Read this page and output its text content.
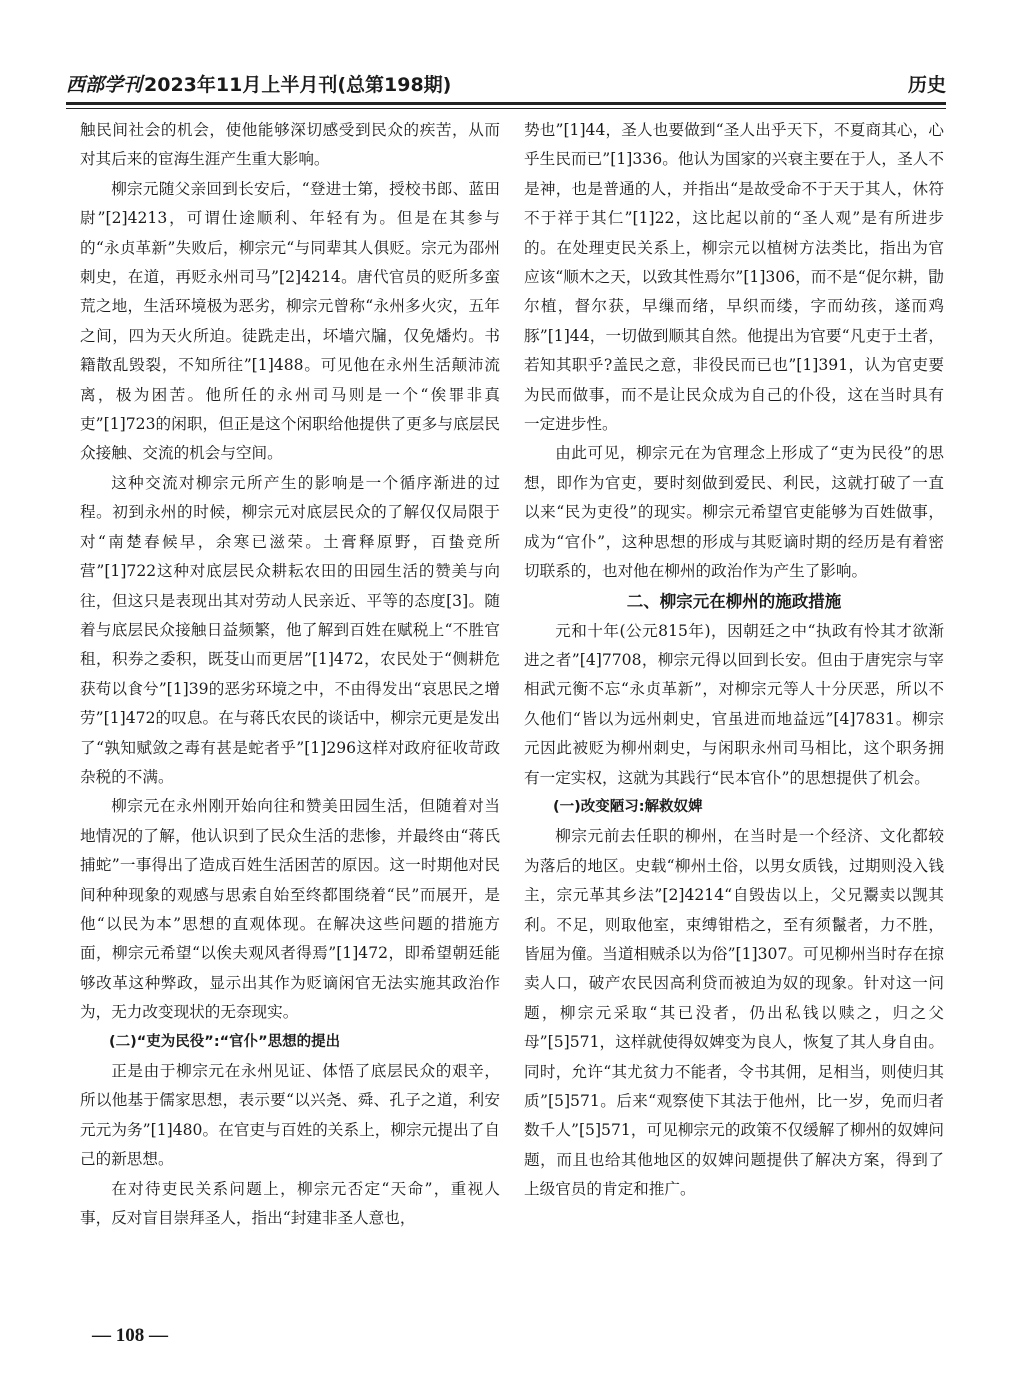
西部学刊 2023年11月上半月刊(总第198期)	历史

触民间社会的机会，使他能够深切感受到民众的疾苦，从而对其后来的宦海生涯产生重大影响。

柳宗元随父亲回到长安后，“登进士第，授校书郎、蓝田尉”[2]4213，可谓仕途顺利、年轻有为。但是在其参与的“永贞革新”失败后，柳宗元“与同辈其人俱贬。宗元为邵州刺史，在道，再贬永州司马”[2]4214。唐代官员的贬所多蛮荒之地，生活环境极为恶劣，柳宗元曾称“永州多火灾，五年之间，四为天火所迫。徒跣走出，坏墙穴牖，仅免燔灼。书籍散乱毁裂，不知所往”[1]488。可见他在永州生活颠沛流离，极为困苦。他所任的永州司马则是一个“俟罪非真吏”[1]723的闲职，但正是这个闲职给他提供了更多与底层民众接触、交流的机会与空间。

这种交流对柳宗元所产生的影响是一个循序渐进的过程。初到永州的时候，柳宗元对底层民众的了解仅仅局限于对“南楚春候早，余寒已滋荣。土膏释原野，百蛰竞所营”[1]722这种对底层民众耕耘农田的田园生活的赞美与向往，但这只是表现出其对劳动人民亲近、平等的态度[3]。随着与底层民众接触日益频繁，他了解到百姓在赋税上“不胜官租，积券之委积，既芟山而更居”[1]472，农民处于“侧耕危获苟以食兮”[1]39的恶劣环境之中，不由得发出“哀思民之增劳”[1]472的叹息。在与蒋氏农民的谈话中，柳宗元更是发出了“孰知赋敛之毒有甚是蛇者乎”[1]296这样对政府征收苛政杂税的不满。

柳宗元在永州刚开始向往和赞美田园生活，但随着对当地情况的了解，他认识到了民众生活的悲惨，并最终由“蒋氏捕蛇”一事得出了造成百姓生活困苦的原因。这一时期他对民间种种现象的观感与思索自始至终都围绕着“民”而展开，是他“以民为本”思想的直观体现。在解决这些问题的措施方面，柳宗元希望“以俟夫观风者得焉”[1]472，即希望朝廷能够改革这种弊政，显示出其作为贬谪闲官无法实施其政治作为，无力改变现状的无奈现实。

(二)“吏为民役”:“官仆”思想的提出

正是由于柳宗元在永州见证、体悟了底层民众的艰辛，所以他基于儒家思想，表示要“以兴尧、舜、孔子之道，利安元元为务”[1]480。在官吏与百姓的关系上，柳宗元提出了自己的新思想。

在对待吏民关系问题上，柳宗元否定“天命”，重视人事，反对盲目崇拜圣人，指出“封建非圣人意也，

势也”[1]44，圣人也要做到“圣人出乎天下，不夏商其心，心乎生民而已”[1]336。他认为国家的兴衰主要在于人，圣人不是神，也是普通的人，并指出“是故受命不于天于其人，休符不于祥于其仁”[1]22，这比起以前的“圣人观”是有所进步的。在处理吏民关系上，柳宗元以植树方法类比，指出为官应该“顺木之天，以致其性焉尔”[1]306，而不是“促尔耕，勖尔植，督尔获，早缫而绪，早织而缕，字而幼孩，遂而鸡豚”[1]44，一切做到顺其自然。他提出为官要“凡吏于土者，若知其职乎?盖民之意，非役民而已也”[1]391，认为官吏要为民而做事，而不是让民众成为自己的仆役，这在当时具有一定进步性。

由此可见，柳宗元在为官理念上形成了“吏为民役”的思想，即作为官吏，要时刻做到爱民、利民，这就打破了一直以来“民为吏役”的现实。柳宗元希望官吏能够为百姓做事，成为“官仆”，这种思想的形成与其贬谪时期的经历是有着密切联系的，也对他在柳州的政治作为产生了影响。

二、柳宗元在柳州的施政措施

元和十年(公元815年)，因朝廷之中“执政有怜其才欲渐进之者”[4]7708，柳宗元得以回到长安。但由于唐宪宗与宰相武元衡不忘“永贞革新”，对柳宗元等人十分厌恶，所以不久他们“皆以为远州刺史，官虽进而地益远”[4]7831。柳宗元因此被贬为柳州刺史，与闲职永州司马相比，这个职务拥有一定实权，这就为其践行“民本官仆”的思想提供了机会。

(一)改变陋习:解救奴婢

柳宗元前去任职的柳州，在当时是一个经济、文化都较为落后的地区。史载“柳州土俗，以男女质钱，过期则没入钱主，宗元革其乡法”[2]4214“自毁齿以上，父兄鬻卖以觊其利。不足，则取他室，束缚钳梏之，至有须鬣者，力不胜，皆屈为僮。当道相贼杀以为俗”[1]307。可见柳州当时存在掠卖人口，破产农民因高利贷而被迫为奴的现象。针对这一问题，柳宗元采取“其已没者，仍出私钱以赎之，归之父母”[5]571，这样就使得奴婢变为良人，恢复了其人身自由。同时，允许“其尤贫力不能者，令书其佣，足相当，则使归其质”[5]571。后来“观察使下其法于他州，比一岁，免而归者数千人”[5]571，可见柳宗元的政策不仅缓解了柳州的奴婢问题，而且也给其他地区的奴婢问题提供了解决方案，得到了上级官员的肯定和推广。

— 108 —
